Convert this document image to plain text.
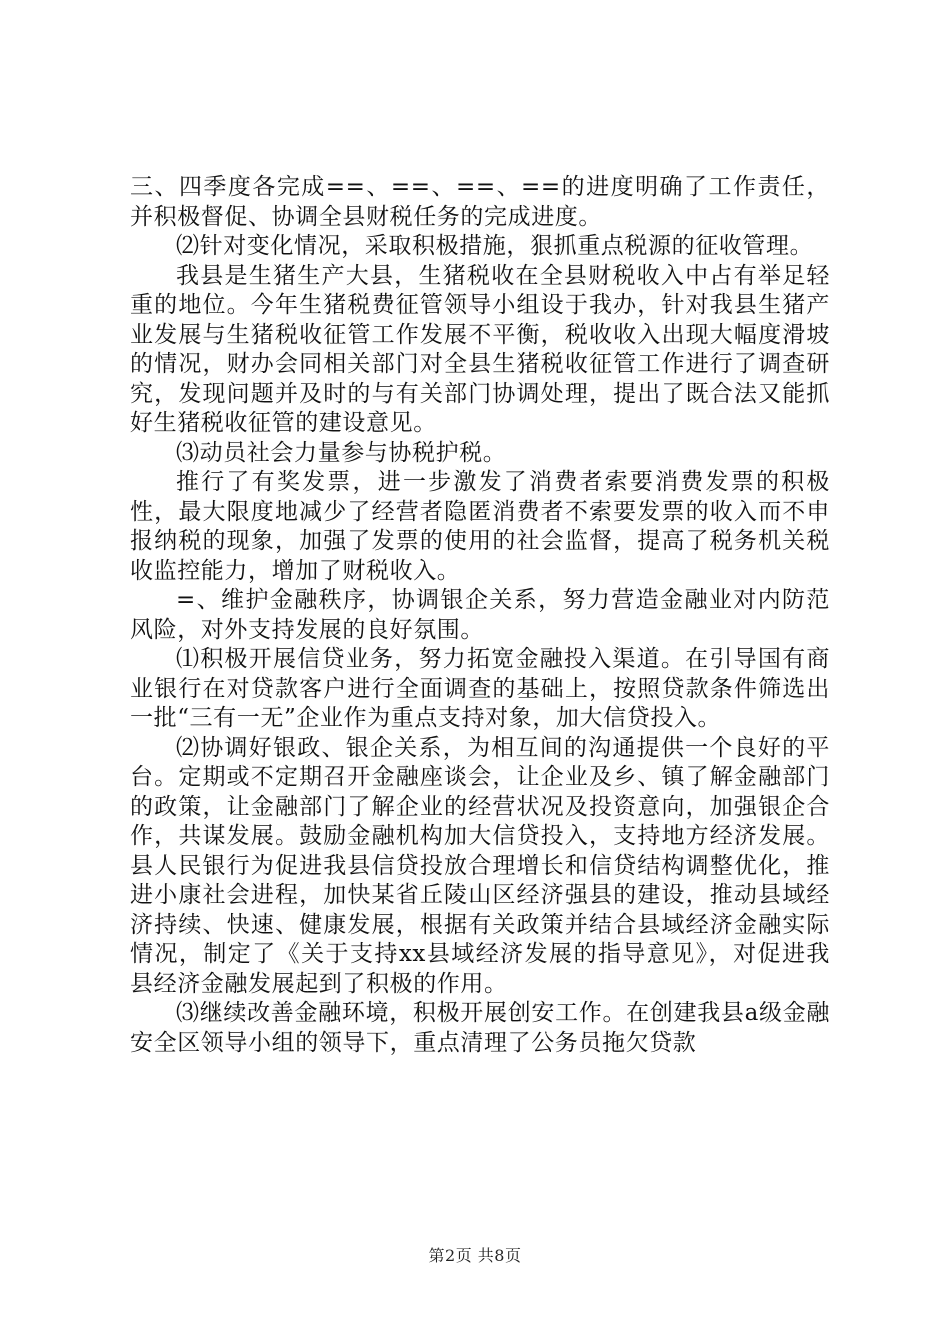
三、四季度各完成==、==、==、==的进度明确了工作责任，并积极督促、协调全县财税任务的完成进度。

⑵针对变化情况，采取积极措施，狠抓重点税源的征收管理。

我县是生猪生产大县，生猪税收在全县财税收入中占有举足轻重的地位。今年生猪税费征管领导小组设于我办，针对我县生猪产业发展与生猪税收征管工作发展不平衡，税收收入出现大幅度滑坡的情况，财办会同相关部门对全县生猪税收征管工作进行了调查研究，发现问题并及时的与有关部门协调处理，提出了既合法又能抓好生猪税收征管的建设意见。

⑶动员社会力量参与协税护税。

推行了有奖发票，进一步激发了消费者索要消费发票的积极性，最大限度地减少了经营者隐匿消费者不索要发票的收入而不申报纳税的现象，加强了发票的使用的社会监督，提高了税务机关税收监控能力，增加了财税收入。

=、维护金融秩序，协调银企关系，努力营造金融业对内防范风险，对外支持发展的良好氛围。

⑴积极开展信贷业务，努力拓宽金融投入渠道。在引导国有商业银行在对贷款客户进行全面调查的基础上，按照贷款条件筛选出一批“三有一无”企业作为重点支持对象，加大信贷投入。

⑵协调好银政、银企关系，为相互间的沟通提供一个良好的平台。定期或不定期召开金融座谈会，让企业及乡、镇了解金融部门的政策，让金融部门了解企业的经营状况及投资意向，加强银企合作，共谋发展。鼓励金融机构加大信贷投入，支持地方经济发展。县人民银行为促进我县信贷投放合理增长和信贷结构调整优化，推进小康社会进程，加快某省丘陵山区经济强县的建设，推动县域经济持续、快速、健康发展，根据有关政策并结合县域经济金融实际情况，制定了《关于支持xx县域经济发展的指导意见》，对促进我县经济金融发展起到了积极的作用。

⑶继续改善金融环境，积极开展创安工作。在创建我县a级金融安全区领导小组的领导下，重点清理了公务员拖欠贷款

第2页 共8页
